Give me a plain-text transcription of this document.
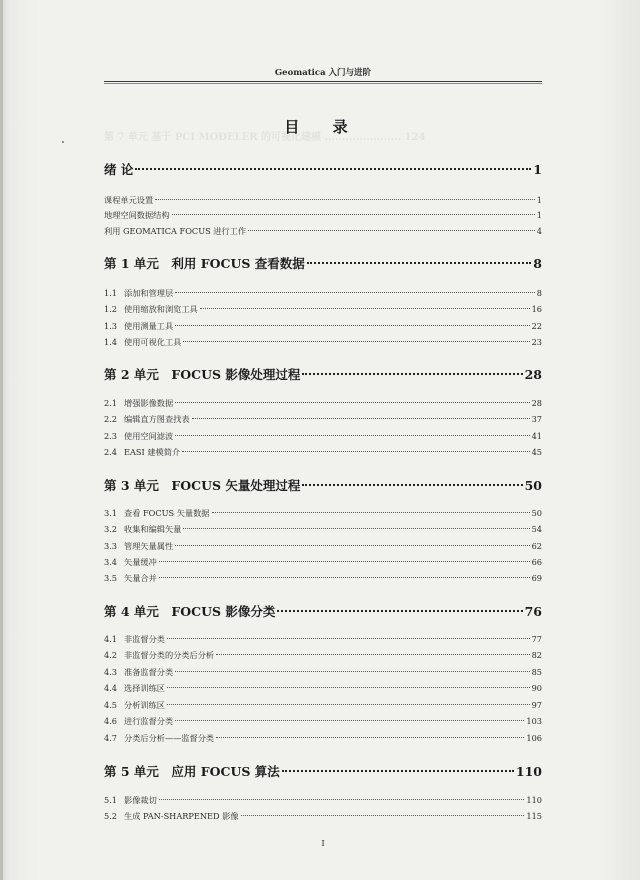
Geomatica 入门与进阶
第 7 单元 基于 PCI MODELER 的可视化建模 ...................... 124
目 录
绪 论	1
课程单元设置	1
地理空间数据结构	1
利用 GEOMATICA FOCUS 进行工作	4
第 1 单元　利用 FOCUS 查看数据	8
1.1 添加和管理层	8
1.2 使用缩放和浏览工具	16
1.3 使用测量工具	22
1.4 使用可视化工具	23
第 2 单元　FOCUS 影像处理过程	28
2.1 增强影像数据	28
2.2 编辑直方图查找表	37
2.3 使用空间滤波	41
2.4 EASI 建模简介	45
第 3 单元　FOCUS 矢量处理过程	50
3.1 查看 FOCUS 矢量数据	50
3.2 收集和编辑矢量	54
3.3 管理矢量属性	62
3.4 矢量缓冲	66
3.5 矢量合并	69
第 4 单元　FOCUS 影像分类	76
4.1 非监督分类	77
4.2 非监督分类的分类后分析	82
4.3 准备监督分类	85
4.4 选择训练区	90
4.5 分析训练区	97
4.6 进行监督分类	103
4.7 分类后分析——监督分类	106
第 5 单元　应用 FOCUS 算法	110
5.1 影像裁切	110
5.2 生成 PAN-SHARPENED 影像	115
I
